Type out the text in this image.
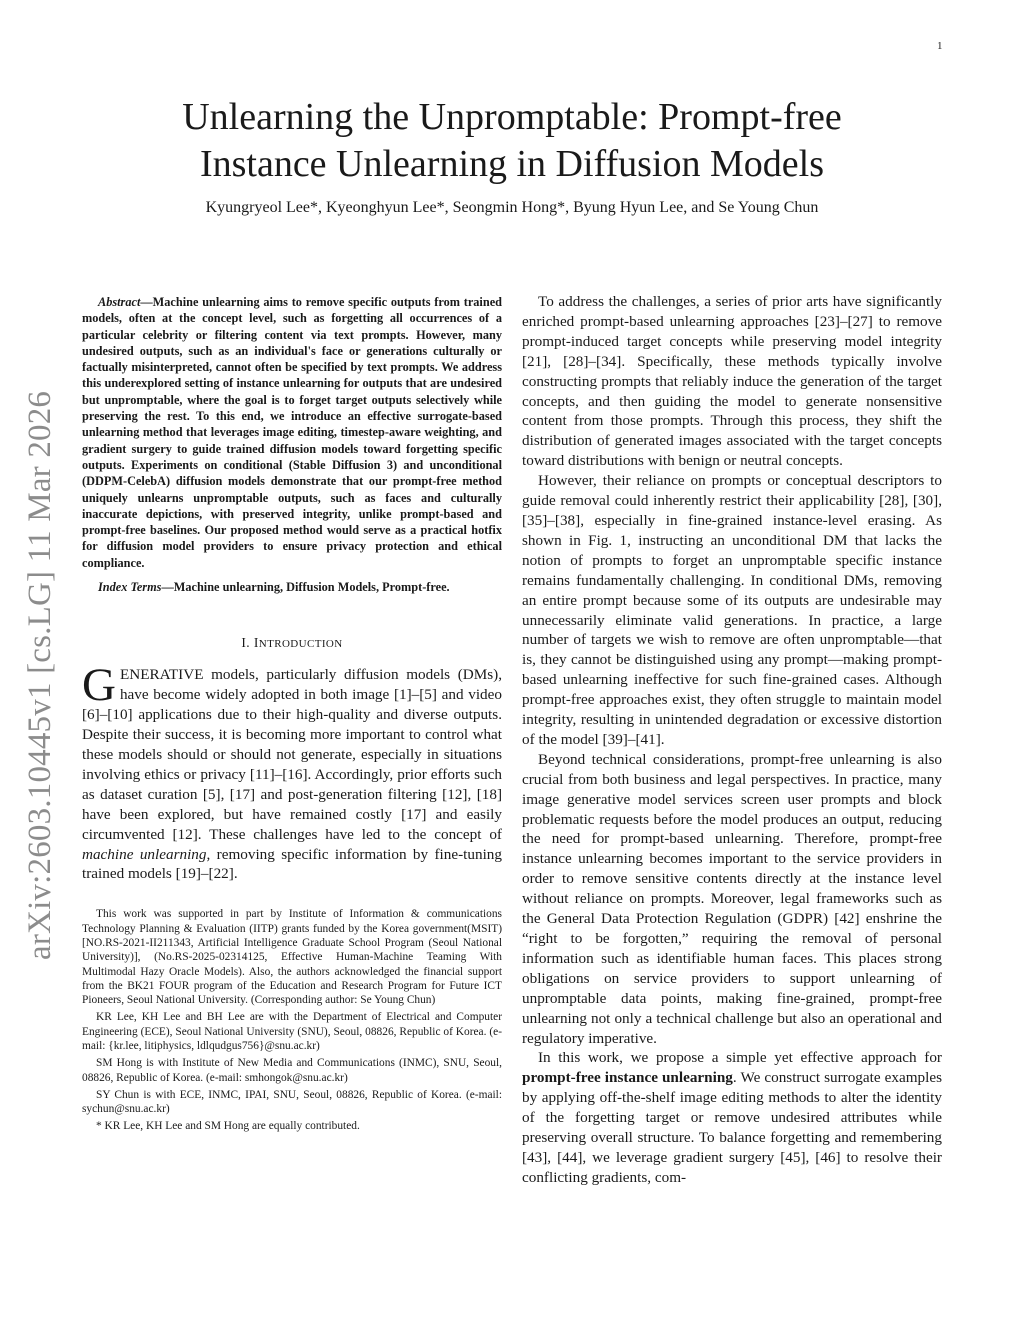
1
arXiv:2603.10445v1 [cs.LG] 11 Mar 2026
Unlearning the Unpromptable: Prompt-free
Instance Unlearning in Diffusion Models
Kyungryeol Lee*, Kyeonghyun Lee*, Seongmin Hong*, Byung Hyun Lee, and Se Young Chun

Abstract—Machine unlearning aims to remove specific outputs from trained models, often at the concept level, such as forgetting all occurrences of a particular celebrity or filtering content via text prompts. However, many undesired outputs, such as an individual's face or generations culturally or factually misinterpreted, cannot often be specified by text prompts. We address this underexplored setting of instance unlearning for outputs that are undesired but unpromptable, where the goal is to forget target outputs selectively while preserving the rest. To this end, we introduce an effective surrogate-based unlearning method that leverages image editing, timestep-aware weighting, and gradient surgery to guide trained diffusion models toward forgetting specific outputs. Experiments on conditional (Stable Diffusion 3) and unconditional (DDPM-CelebA) diffusion models demonstrate that our prompt-free method uniquely unlearns unpromptable outputs, such as faces and culturally inaccurate depictions, with preserved integrity, unlike prompt-based and prompt-free baselines. Our proposed method would serve as a practical hotfix for diffusion model providers to ensure privacy protection and ethical compliance.

Index Terms—Machine unlearning, Diffusion Models, Prompt-free.

I. INTRODUCTION

GENERATIVE models, particularly diffusion models (DMs), have become widely adopted in both image [1]–[5] and video [6]–[10] applications due to their high-quality and diverse outputs. Despite their success, it is becoming more important to control what these models should or should not generate, especially in situations involving ethics or privacy [11]–[16]. Accordingly, prior efforts such as dataset curation [5], [17] and post-generation filtering [12], [18] have been explored, but have remained costly [17] and easily circumvented [12]. These challenges have led to the concept of machine unlearning, removing specific information by fine-tuning trained models [19]–[22].

This work was supported in part by Institute of Information & communications Technology Planning & Evaluation (IITP) grants funded by the Korea government(MSIT) [NO.RS-2021-II211343, Artificial Intelligence Graduate School Program (Seoul National University)], (No.RS-2025-02314125, Effective Human-Machine Teaming With Multimodal Hazy Oracle Models). Also, the authors acknowledged the financial support from the BK21 FOUR program of the Education and Research Program for Future ICT Pioneers, Seoul National University. (Corresponding author: Se Young Chun)

KR Lee, KH Lee and BH Lee are with the Department of Electrical and Computer Engineering (ECE), Seoul National University (SNU), Seoul, 08826, Republic of Korea. (e-mail: {kr.lee, litiphysics, ldlqudgus756}@snu.ac.kr)

SM Hong is with Institute of New Media and Communications (INMC), SNU, Seoul, 08826, Republic of Korea. (e-mail: smhongok@snu.ac.kr)

SY Chun is with ECE, INMC, IPAI, SNU, Seoul, 08826, Republic of Korea. (e-mail: sychun@snu.ac.kr)

* KR Lee, KH Lee and SM Hong are equally contributed.

To address the challenges, a series of prior arts have significantly enriched prompt-based unlearning approaches [23]–[27] to remove prompt-induced target concepts while preserving model integrity [21], [28]–[34]. Specifically, these methods typically involve constructing prompts that reliably induce the generation of the target concepts, and then guiding the model to generate nonsensitive content from those prompts. Through this process, they shift the distribution of generated images associated with the target concepts toward distributions with benign or neutral concepts.

However, their reliance on prompts or conceptual descriptors to guide removal could inherently restrict their applicability [28], [30], [35]–[38], especially in fine-grained instance-level erasing. As shown in Fig. 1, instructing an unconditional DM that lacks the notion of prompts to forget an unpromptable specific instance remains fundamentally challenging. In conditional DMs, removing an entire prompt because some of its outputs are undesirable may unnecessarily eliminate valid generations. In practice, a large number of targets we wish to remove are often unpromptable—that is, they cannot be distinguished using any prompt—making prompt-based unlearning ineffective for such fine-grained cases. Although prompt-free approaches exist, they often struggle to maintain model integrity, resulting in unintended degradation or excessive distortion of the model [39]–[41].

Beyond technical considerations, prompt-free unlearning is also crucial from both business and legal perspectives. In practice, many image generative model services screen user prompts and block problematic requests before the model produces an output, reducing the need for prompt-based unlearning. Therefore, prompt-free instance unlearning becomes important to the service providers in order to remove sensitive contents directly at the instance level without reliance on prompts. Moreover, legal frameworks such as the General Data Protection Regulation (GDPR) [42] enshrine the “right to be forgotten,” requiring the removal of personal information such as identifiable human faces. This places strong obligations on service providers to support unlearning of unpromptable data points, making fine-grained, prompt-free unlearning not only a technical challenge but also an operational and regulatory imperative.

In this work, we propose a simple yet effective approach for prompt-free instance unlearning. We construct surrogate examples by applying off-the-shelf image editing methods to alter the identity of the forgetting target or remove undesired attributes while preserving overall structure. To balance forgetting and remembering [43], [44], we leverage gradient surgery [45], [46] to resolve their conflicting gradients, com-
